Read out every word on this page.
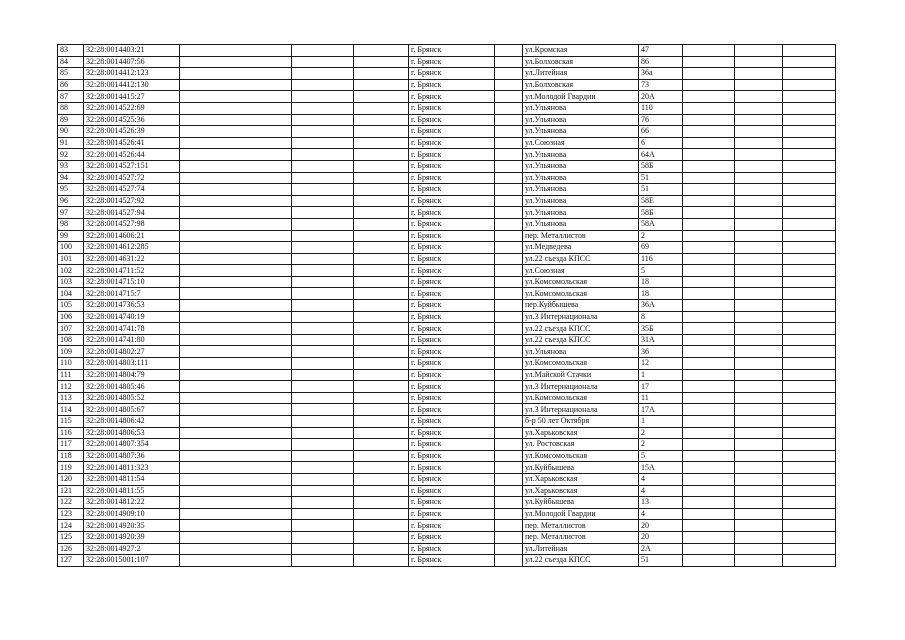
83	32:28:0014403:21				г. Брянск		ул.Кромская	47			
84	32:28:0014407:56				г. Брянск		ул.Болховская	86			
85	32:28:0014412:123				г. Брянск		ул.Литейная	36а			
86	32:28:0014412:130				г. Брянск		ул.Болховская	73			
87	32:28:0014415:27				г. Брянск		ул.Молодой Гвардии	20А			
88	32:28:0014522:69				г. Брянск		ул.Ульянова	110			
89	32:28:0014525:36				г. Брянск		ул.Ульянова	76			
90	32:28:0014526:39				г. Брянск		ул.Ульянова	66			
91	32:28:0014526:41				г. Брянск		ул.Союзная	6			
92	32:28:0014526:44				г. Брянск		ул.Ульянова	64А			
93	32:28:0014527:151				г. Брянск		ул.Ульянова	58Б			
94	32:28:0014527:72				г. Брянск		ул.Ульянова	51			
95	32:28:0014527:74				г. Брянск		ул.Ульянова	51			
96	32:28:0014527:92				г. Брянск		ул.Ульянова	58Е			
97	32:28:0014527:94				г. Брянск		ул.Ульянова	58Б			
98	32:28:0014527:98				г. Брянск		ул.Ульянова	58А			
99	32:28:0014606:21				г. Брянск		пер. Металлистов	2			
100	32:28:0014612:285				г. Брянск		ул.Медведева	69			
101	32:28:0014631:22				г. Брянск		ул.22 съезда КПСС	116			
102	32:28:0014711:52				г. Брянск		ул.Союзная	5			
103	32:28:0014715:10				г. Брянск		ул.Комсомольская	18			
104	32:28:0014715:7				г. Брянск		ул.Комсомольская	18			
105	32:28:0014736:53				г. Брянск		пер.Куйбышева	36А			
106	32:28:0014740:19				г. Брянск		ул.3 Интернационала	8			
107	32:28:0014741:78				г. Брянск		ул.22 съезда КПСС	35Б			
108	32:28:0014741:80				г. Брянск		ул.22 съезда КПСС	31А			
109	32:28:0014802:27				г. Брянск		ул.Ульянова	36			
110	32:28:0014803:111				г. Брянск		ул.Комсомольская	12			
111	32:28:0014804:79				г. Брянск		ул.Майской Стачки	1			
112	32:28:0014805:46				г. Брянск		ул.3 Интернационала	17			
113	32:28:0014805:52				г. Брянск		ул.Комсомольская	11			
114	32:28:0014805:67				г. Брянск		ул.3 Интернационала	17А			
115	32:28:0014806:42				г. Брянск		б-р 50 лет Октября	1			
116	32:28:0014806:53				г. Брянск		ул.Харьковская	2			
117	32:28:0014807:354				г. Брянск		ул. Ростовская	2			
118	32:28:0014807:36				г. Брянск		ул.Комсомольская	5			
119	32:28:0014811:323				г. Брянск		ул.Куйбышева	15А			
120	32:28:0014811:54				г. Брянск		ул.Харьковская	4			
121	32:28:0014811:55				г. Брянск		ул.Харьковская	4			
122	32:28:0014812:22				г. Брянск		ул.Куйбышева	13			
123	32:28:0014909:10				г. Брянск		ул.Молодой Гвардии	4			
124	32:28:0014920:35				г. Брянск		пер. Металлистов	20			
125	32:28:0014920:39				г. Брянск		пер. Металлистов	20			
126	32:28:0014927:2				г. Брянск		ул.Литейная	2А			
127	32:28:0015001:107				г. Брянск		ул.22 съезда КПСС	51			
